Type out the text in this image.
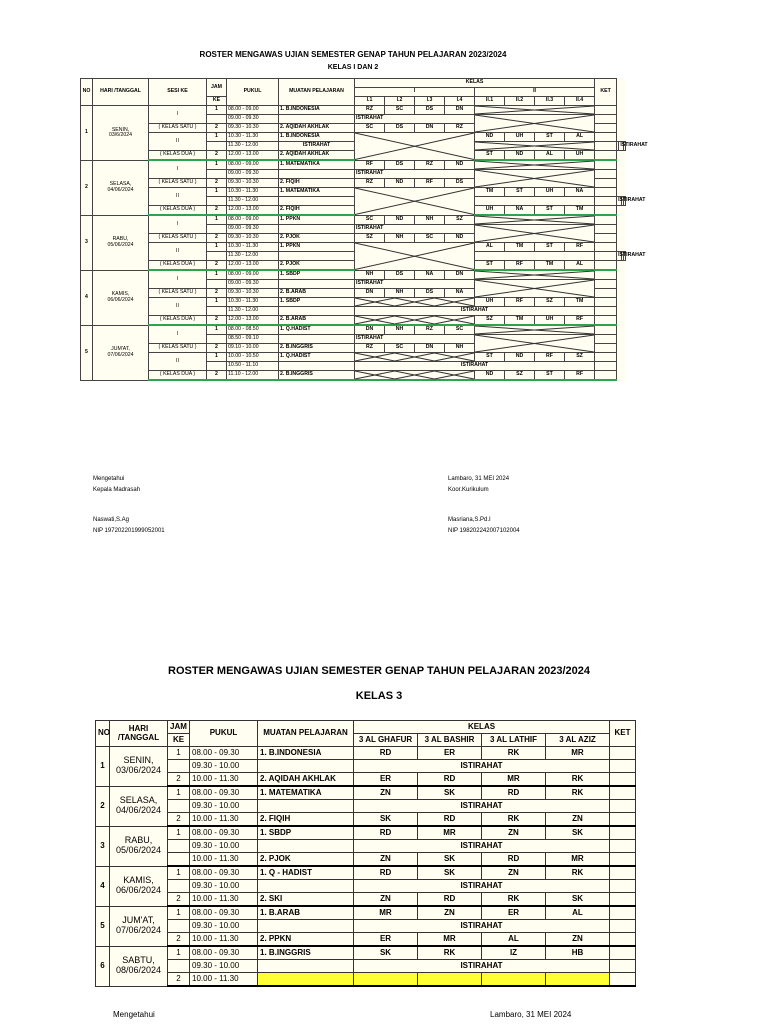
ROSTER MENGAWAS UJIAN SEMESTER GENAP TAHUN PELAJARAN 2023/2024
KELAS I DAN 2
NO	HARI /TANGGAL	SESI KE	JAM	PUKUL	MUATAN PELAJARAN	KELAS								KET				
						I				II								
			KE			I.1	I.2	I.3	I.4	II.1	II.2	II.3	II.4					
1	SENIN,
03/6/2024	I	1	08.00 - 09.00	1. B.INDONESIA	RZ	SC	DS	DN	

				09.00 - 09.30		ISTIRAHAT	

		( KELAS SATU )	2	09.30 - 10.30	2. AQIDAH AKHLAK	SC	DS	DN	RZ									
		II	1	10.30 - 11.30	1. B.INDONESIA					ND	UH	ST	AL					
				11.30 - 12.00	ISTIRAHAT											ISTIRAHAT		
		( KELAS DUA )	2	12.00 - 13.00	2. AQIDAH AKHLAK					ST	ND	AL	UH					
2	SELASA,
04/06/2024	I	1	08.00 - 09.00	1. MATEMATIKA	RF	DS	RZ	ND	

				09.00 - 09.30		ISTIRAHAT	

		( KELAS SATU )	2	09.30 - 10.30	2. FIQIH	RZ	ND	RF	DS									
		II	1	10.30 - 11.30	1. MATEMATIKA					TM	ST	UH	NA					
				11.30 - 12.00											ISTIRAHAT			
		( KELAS DUA )	2	12.00 - 13.00	2. FIQIH					UH	NA	ST	TM					
3	RABU,
05/06/2024	I	1	08.00 - 09.00	1. PPKN	SC	ND	NH	SZ	

				09.00 - 09.30		ISTIRAHAT	

		( KELAS SATU )	2	09.30 - 10.30	2. PJOK	SZ	NH	SC	ND									
		II	1	10.30 - 11.30	1. PPKN					AL	TM	ST	RF					
				11.30 - 12.00											ISTIRAHAT			
		( KELAS DUA )	2	12.00 - 13.00	2. PJOK					ST	RF	TM	AL					
4	KAMIS,
06/06/2024	I	1	08.00 - 09.00	1. SBDP	NH	DS	NA	DN	

				09.00 - 09.30		ISTIRAHAT	

		( KELAS SATU )	2	09.30 - 10.30	2. B.ARAB	DN	NH	DS	NA									
		II	1	10.30 - 11.30	1. SBDP					UH	RF	SZ	TM					
				11.30 - 12.00		ISTIRAHAT												
		( KELAS DUA )	2	12.00 - 13.00	2. B.ARAB					SZ	TM	UH	RF					
5	JUM'AT,
07/06/2024	I	1	08.00 - 08.50	1. Q.HADIST	DN	NH	RZ	SC	

				08.50 - 09.10		ISTIRAHAT	

		( KELAS SATU )	2	09.10 - 10.00	2. B.INGGRIS	RZ	SC	DN	NH									
		II	1	10.00 - 10.50	1. Q.HADIST					ST	ND	RF	SZ					
				10.50 - 11.10		ISTIRAHAT												
		( KELAS DUA )	2	11.10 - 12.00	2. B.INGGRIS					ND	SZ	ST	RF					
Mengetahui
Kepala Madrasah
Naswati,S.Ag
NIP 197202201999052001
Lambaro, 31 MEI 2024
Koor.Kurikulum
Masriana,S.Pd.I
NIP 198202242007102004
ROSTER MENGAWAS UJIAN SEMESTER GENAP TAHUN PELAJARAN 2023/2024
KELAS 3
NO	HARI /TANGGAL	JAM	PUKUL	MUATAN PELAJARAN	KELAS				KET
		KE			3 AL GHAFUR	3 AL BASHIR	3 AL LATHIF	3 AL AZIZ	
1	SENIN,
03/06/2024	1	08.00 - 09.30	1. B.INDONESIA	RD	ER	RK	MR	
			09.30 - 10.00		ISTIRAHAT				
		2	10.00 - 11.30	2. AQIDAH AKHLAK	ER	RD	MR	RK	
2	SELASA,
04/06/2024	1	08.00 - 09.30	1. MATEMATIKA	ZN	SK	RD	RK	
			09.30 - 10.00		ISTIRAHAT				
		2	10.00 - 11.30	2. FIQIH	SK	RD	RK	ZN	
3	RABU,
05/06/2024	1	08.00 - 09.30	1. SBDP	RD	MR	ZN	SK	
			09.30 - 10.00		ISTIRAHAT				
			10.00 - 11.30	2. PJOK	ZN	SK	RD	MR	
4	KAMIS,
06/06/2024	1	08.00 - 09.30	1. Q - HADIST	RD	SK	ZN	RK	
			09.30 - 10.00		ISTIRAHAT				
		2	10.00 - 11.30	2. SKI	ZN	RD	RK	SK	
5	JUM'AT,
07/06/2024	1	08.00 - 09.30	1. B.ARAB	MR	ZN	ER	AL	
			09.30 - 10.00		ISTIRAHAT				
		2	10.00 - 11.30	2. PPKN	ER	MR	AL	ZN	
6	SABTU,
08/06/2024	1	08.00 - 09.30	1. B.INGGRIS	SK	RK	IZ	HB	
			09.30 - 10.00		ISTIRAHAT				
		2	10.00 - 11.30						
Mengetahui	Lambaro, 31 MEI 2024
